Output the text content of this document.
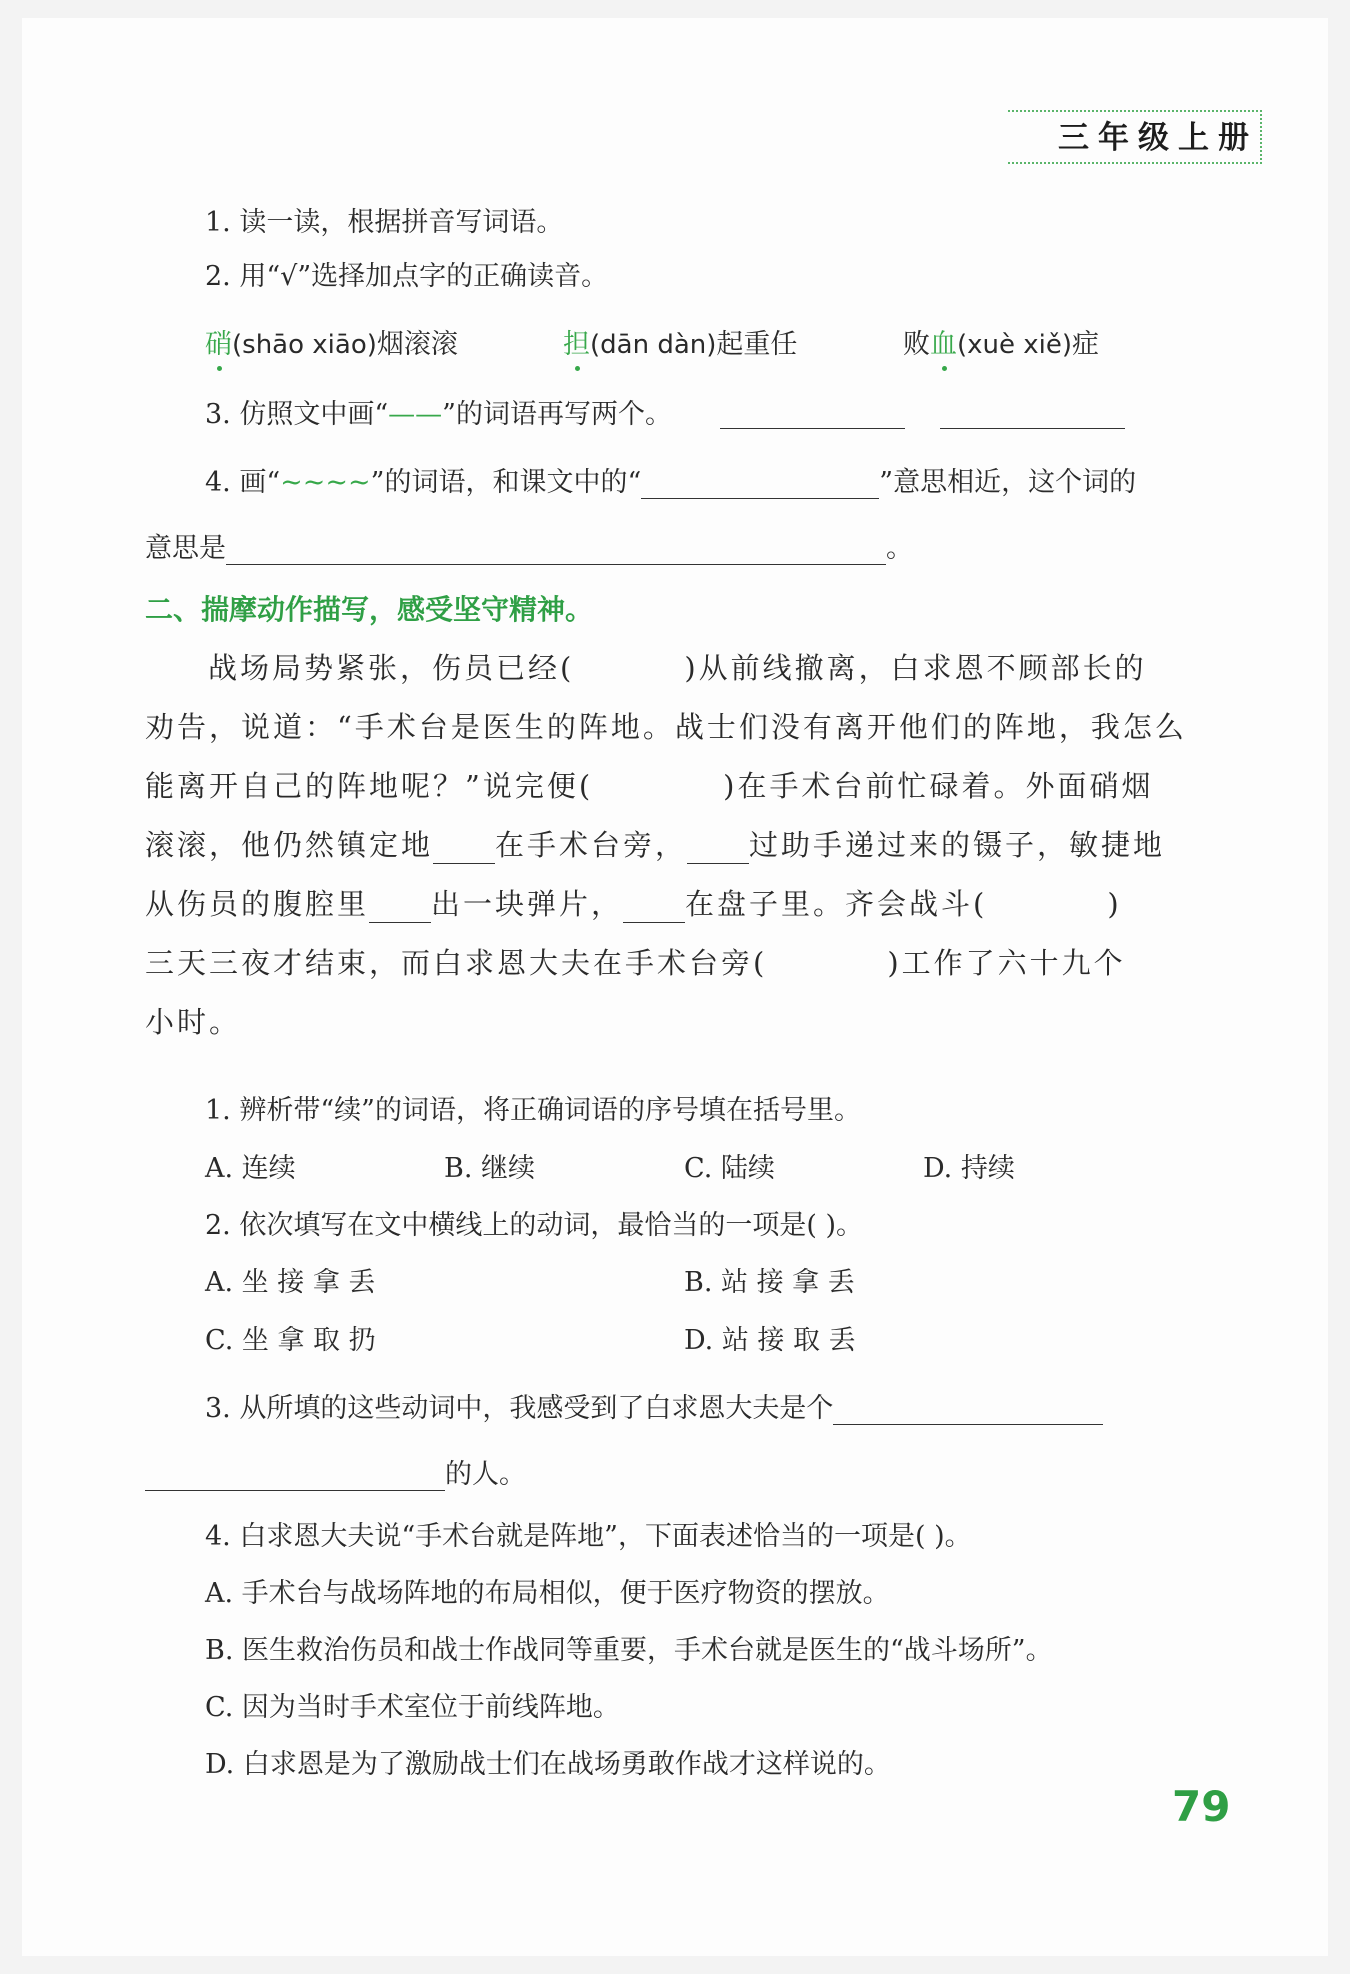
三年级上册
1. 读一读，根据拼音写词语。
2. 用“√”选择加点字的正确读音。
硝(shāo xiāo)烟滚滚	担(dān dàn)起重任	败血(xuè xiě)症
3. 仿照文中画“——”的词语再写两个。
4. 画“~~~~”的词语，和课文中的“	”意思相近，这个词的
意思是	。
二、揣摩动作描写，感受坚守精神。
战场局势紧张，伤员已经(	)从前线撤离，白求恩不顾部长的
劝告，说道：“手术台是医生的阵地。战士们没有离开他们的阵地，我怎么
能离开自己的阵地呢？”说完便(	)在手术台前忙碌着。外面硝烟
滚滚，他仍然镇定地 在手术台旁， 过助手递过来的镊子，敏捷地
从伤员的腹腔里 出一块弹片， 在盘子里。齐会战斗(	)
三天三夜才结束，而白求恩大夫在手术台旁(	)工作了六十九个
小时。
1. 辨析带“续”的词语，将正确词语的序号填在括号里。
A. 连续	B. 继续	C. 陆续	D. 持续
2. 依次填写在文中横线上的动词，最恰当的一项是( )。
A. 坐 接 拿 丢	B. 站 接 拿 丢
C. 坐 拿 取 扔	D. 站 接 取 丢
3. 从所填的这些动词中，我感受到了白求恩大夫是个
的人。
4. 白求恩大夫说“手术台就是阵地”，下面表述恰当的一项是( )。
A. 手术台与战场阵地的布局相似，便于医疗物资的摆放。
B. 医生救治伤员和战士作战同等重要，手术台就是医生的“战斗场所”。
C. 因为当时手术室位于前线阵地。
D. 白求恩是为了激励战士们在战场勇敢作战才这样说的。
79
